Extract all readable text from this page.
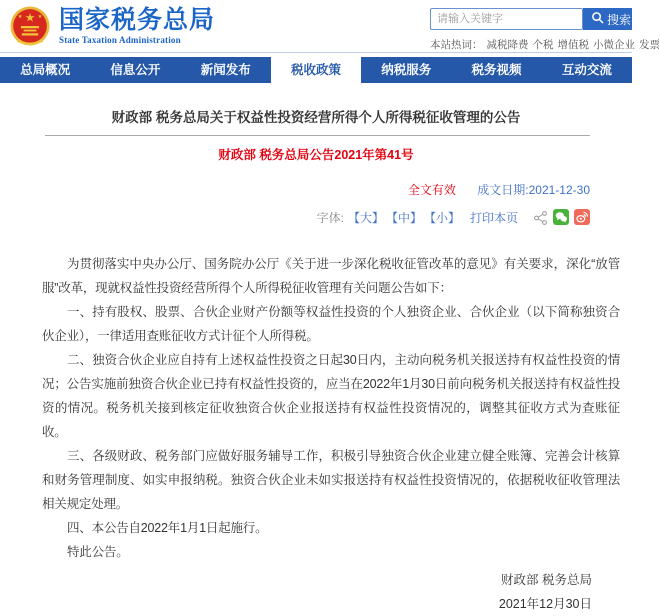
★
★	★ 国家税务总局
State Taxation Administration
请输入关键字
搜索
本站热词： 减税降费 个税 增值税 小微企业 发票
总局概况	信息公开	新闻发布	税收政策	纳税服务	税务视频	互动交流
财政部 税务总局关于权益性投资经营所得个人所得税征收管理的公告
财政部 税务总局公告2021年第41号
全文有效 成文日期:2021-12-30
字体: 【大】 【中】 【小】 打印本页

为贯彻落实中央办公厅、国务院办公厅《关于进一步深化税收征管改革的意见》有关要求，深化“放管服”改革，现就权益性投资经营所得个人所得税征收管理有关问题公告如下：

一、持有股权、股票、合伙企业财产份额等权益性投资的个人独资企业、合伙企业（以下简称独资合伙企业），一律适用查账征收方式计征个人所得税。

二、独资合伙企业应自持有上述权益性投资之日起30日内，主动向税务机关报送持有权益性投资的情况；公告实施前独资合伙企业已持有权益性投资的，应当在2022年1月30日前向税务机关报送持有权益性投资的情况。税务机关接到核定征收独资合伙企业报送持有权益性投资情况的，调整其征收方式为查账征收。

三、各级财政、税务部门应做好服务辅导工作，积极引导独资合伙企业建立健全账簿、完善会计核算和财务管理制度、如实申报纳税。独资合伙企业未如实报送持有权益性投资情况的，依据税收征收管理法相关规定处理。

四、本公告自2022年1月1日起施行。

特此公告。

财政部 税务总局
2021年12月30日
